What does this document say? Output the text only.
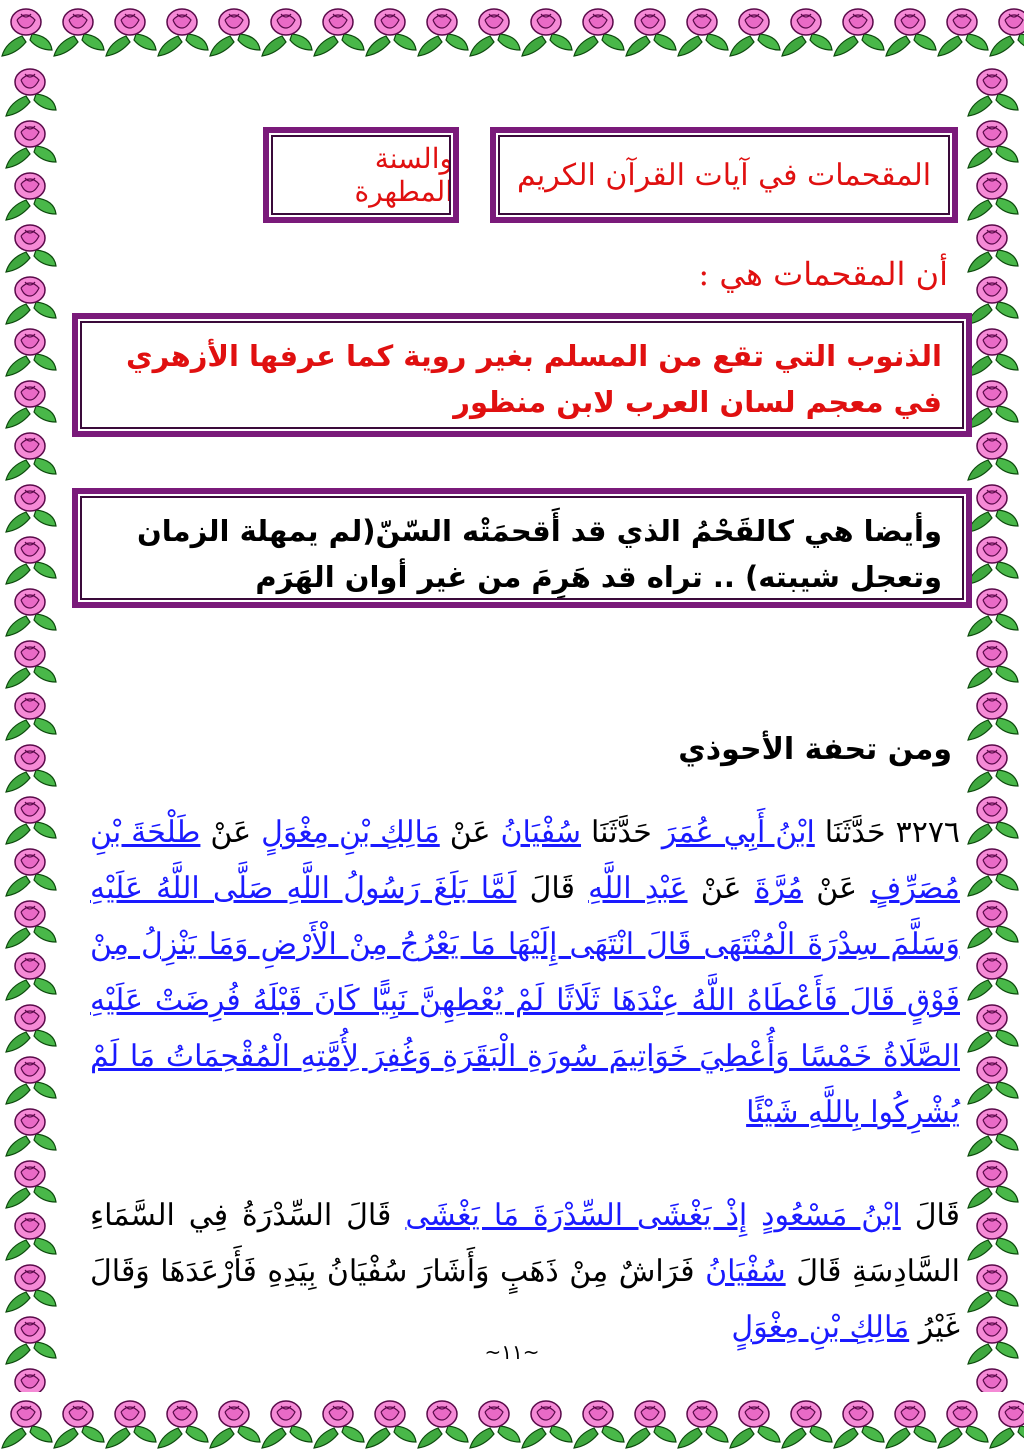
المقحمات في آيات القرآن الكريم
والسنة المطهرة
أن المقحمات هي :
الذنوب التي تقع من المسلم بغير روية كما عرفها الأزهري
في معجم لسان العرب لابن منظور
وأيضا هي كالقَحْمُ الذي قد أَقحمَتْه السّنّ(لم يمهلة الزمان
وتعجل شيبته) .. تراه قد هَرِمَ من غير أوان الهَرَم
ومن تحفة الأحوذي
٣٢٧٦ حَدَّثَنَا ابْنُ أَبِي عُمَرَ حَدَّثَنَا سُفْيَانُ عَنْ مَالِكِ بْنِ مِغْوَلٍ عَنْ طَلْحَةَ بْنِ مُصَرِّفٍ عَنْ مُرَّةَ عَنْ عَبْدِ اللَّهِ قَالَ لَمَّا بَلَغَ رَسُولُ اللَّهِ صَلَّى اللَّهُ عَلَيْهِ وَسَلَّمَ سِدْرَةَ الْمُنْتَهَى قَالَ انْتَهَى إِلَيْهَا مَا يَعْرُجُ مِنْ الْأَرْضِ وَمَا يَنْزِلُ مِنْ فَوْقٍ قَالَ فَأَعْطَاهُ اللَّهُ عِنْدَهَا ثَلَاثًا لَمْ يُعْطِهِنَّ نَبِيًّا كَانَ قَبْلَهُ فُرِضَتْ عَلَيْهِ الصَّلَاةُ خَمْسًا وَأُعْطِيَ خَوَاتِيمَ سُورَةِ الْبَقَرَةِ وَغُفِرَ لِأُمَّتِهِ الْمُقْحِمَاتُ مَا لَمْ يُشْرِكُوا بِاللَّهِ شَيْئًا
قَالَ ابْنُ مَسْعُودٍ إِذْ يَغْشَى السِّدْرَةَ مَا يَغْشَى قَالَ السِّدْرَةُ فِي السَّمَاءِ السَّادِسَةِ قَالَ سُفْيَانُ فَرَاشٌ مِنْ ذَهَبٍ وَأَشَارَ سُفْيَانُ بِيَدِهِ فَأَرْعَدَهَا وَقَالَ غَيْرُ مَالِكِ بْنِ مِغْوَلٍ
~١١~
